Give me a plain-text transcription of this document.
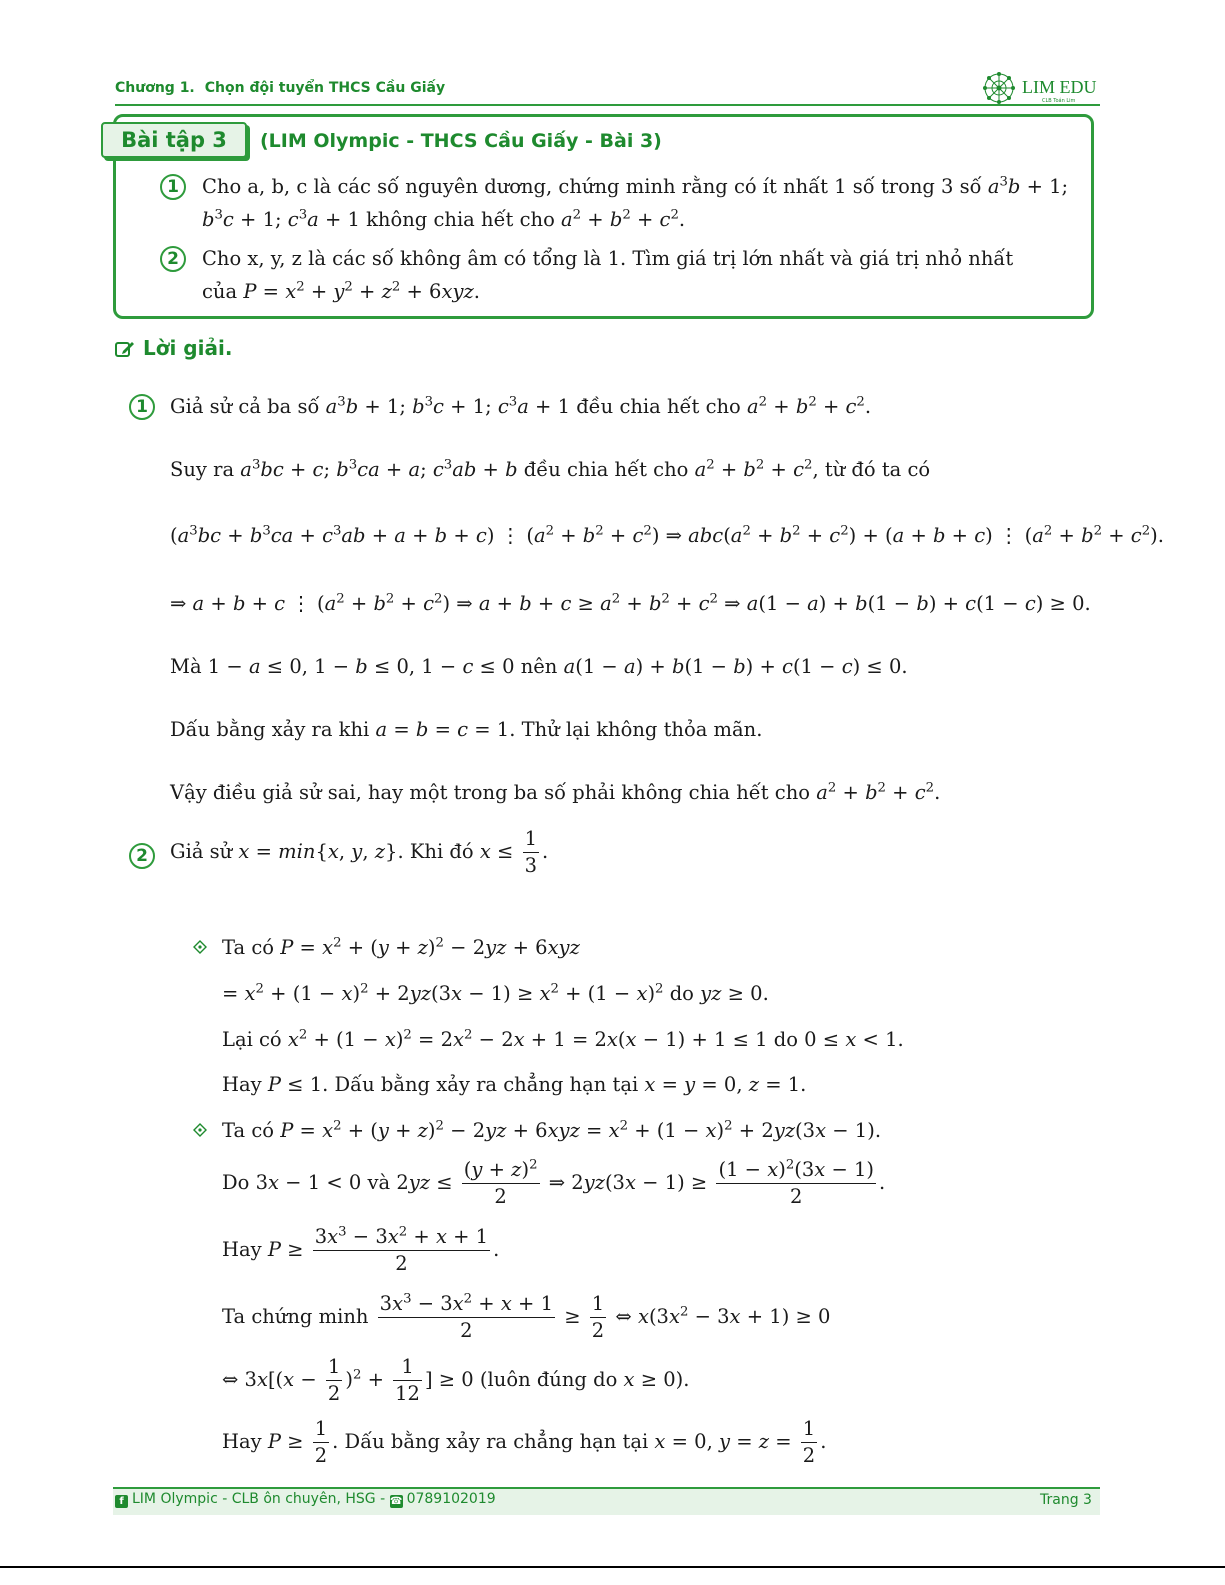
Chương 1. Chọn đội tuyển THCS Cầu Giấy	LIM EDU
CLB Toán Lim
Bài tập 3	(LIM Olympic - THCS Cầu Giấy - Bài 3)
1	Cho a, b, c là các số nguyên dương, chứng minh rằng có ít nhất 1 số trong 3 số $a^3b + 1$;
$b^3c + 1$; $c^3a + 1$ không chia hết cho $a^2 + b^2 + c^2$.
2	Cho x, y, z là các số không âm có tổng là 1. Tìm giá trị lớn nhất và giá trị nhỏ nhất
của $P = x^2 + y^2 + z^2 + 6xyz$.
Lời giải.
1	Giả sử cả ba số $a^3b + 1$; $b^3c + 1$; $c^3a + 1$ đều chia hết cho $a^2 + b^2 + c^2$.
Suy ra $a^3bc + c$; $b^3ca + a$; $c^3ab + b$ đều chia hết cho $a^2 + b^2 + c^2$, từ đó ta có
$(a^3bc + b^3ca + c^3ab + a + b + c)$ ⋮ $(a^2 + b^2 + c^2)$ ⇒ $abc(a^2 + b^2 + c^2) + (a + b + c)$ ⋮ $(a^2 + b^2 + c^2)$.
⇒ a + b + c ⋮ $(a^2 + b^2 + c^2)$ ⇒ $a + b + c \ge a^2 + b^2 + c^2$ ⇒ a(1 − a) + b(1 − b) + c(1 − c) ≥ 0.
Mà 1 − a ≤ 0, 1 − b ≤ 0, 1 − c ≤ 0 nên a(1 − a) + b(1 − b) + c(1 − c) ≤ 0.
Dấu bằng xảy ra khi a = b = c = 1. Thử lại không thỏa mãn.
Vậy điều giả sử sai, hay một trong ba số phải không chia hết cho $a^2 + b^2 + c^2$.
2	Giả sử x = min{x, y, z}. Khi đó $x \le \frac{1}{3}$ .
Ta có $P = x^2 + (y + z)^2 - 2yz + 6xyz$
= $x^2 + (1 - x)^2 + 2yz(3x - 1) \ge x^2 + (1 - x)^2$ do yz ≥ 0.
Lại có $x^2 + (1 - x)^2 = 2x^2 - 2x + 1 = 2x(x - 1) + 1 \le 1$ do 0 ≤ x < 1.
Hay P ≤ 1. Dấu bằng xảy ra chẳng hạn tại x = y = 0, z = 1.
Ta có $P = x^2 + (y + z)^2 - 2yz + 6xyz = x^2 + (1 - x)^2 + 2yz(3x - 1)$.
Do 3x − 1 < 0 và $2yz \le \frac{(y + z)^2}{2}$ ⇒ $2yz(3x - 1) \ge \frac{(1 - x)^2(3x - 1)}{2}$ .
Hay $P \ge \frac{3x^3 - 3x^2 + x + 1}{2}$ .
Ta chứng minh $\frac{3x^3 - 3x^2 + x + 1}{2} \ge \frac{1}{2}$ ⇔ $x(3x^2 - 3x + 1) \ge 0$
⇔ $3x[(x - \frac{1}{2} )^2 + \frac{1}{12}$ ] ≥ 0 (luôn đúng do x ≥ 0).
Hay $P \ge \frac{1}{2}$ . Dấu bằng xảy ra chẳng hạn tại x = 0, $y = z = \frac{1}{2}$ .
f LIM Olympic - CLB ôn chuyên, HSG - ☎ 0789102019	Trang 3
